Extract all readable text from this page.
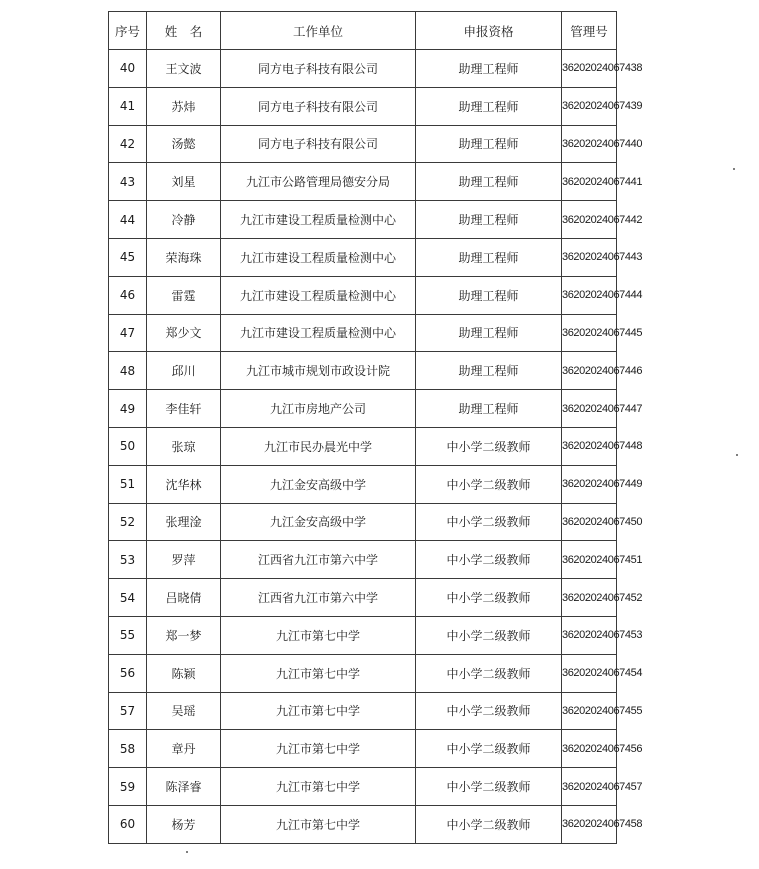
序号	姓　名	工作单位	申报资格	管理号
40	王文波	同方电子科技有限公司	助理工程师	36202024067438
41	苏炜	同方电子科技有限公司	助理工程师	36202024067439
42	汤懿	同方电子科技有限公司	助理工程师	36202024067440
43	刘星	九江市公路管理局德安分局	助理工程师	36202024067441
44	冷静	九江市建设工程质量检测中心	助理工程师	36202024067442
45	荣海珠	九江市建设工程质量检测中心	助理工程师	36202024067443
46	雷霆	九江市建设工程质量检测中心	助理工程师	36202024067444
47	郑少文	九江市建设工程质量检测中心	助理工程师	36202024067445
48	邱川	九江市城市规划市政设计院	助理工程师	36202024067446
49	李佳轩	九江市房地产公司	助理工程师	36202024067447
50	张琼	九江市民办晨光中学	中小学二级教师	36202024067448
51	沈华林	九江金安高级中学	中小学二级教师	36202024067449
52	张理淦	九江金安高级中学	中小学二级教师	36202024067450
53	罗萍	江西省九江市第六中学	中小学二级教师	36202024067451
54	吕晓倩	江西省九江市第六中学	中小学二级教师	36202024067452
55	郑一梦	九江市第七中学	中小学二级教师	36202024067453
56	陈颖	九江市第七中学	中小学二级教师	36202024067454
57	吴瑶	九江市第七中学	中小学二级教师	36202024067455
58	章丹	九江市第七中学	中小学二级教师	36202024067456
59	陈泽睿	九江市第七中学	中小学二级教师	36202024067457
60	杨芳	九江市第七中学	中小学二级教师	36202024067458
